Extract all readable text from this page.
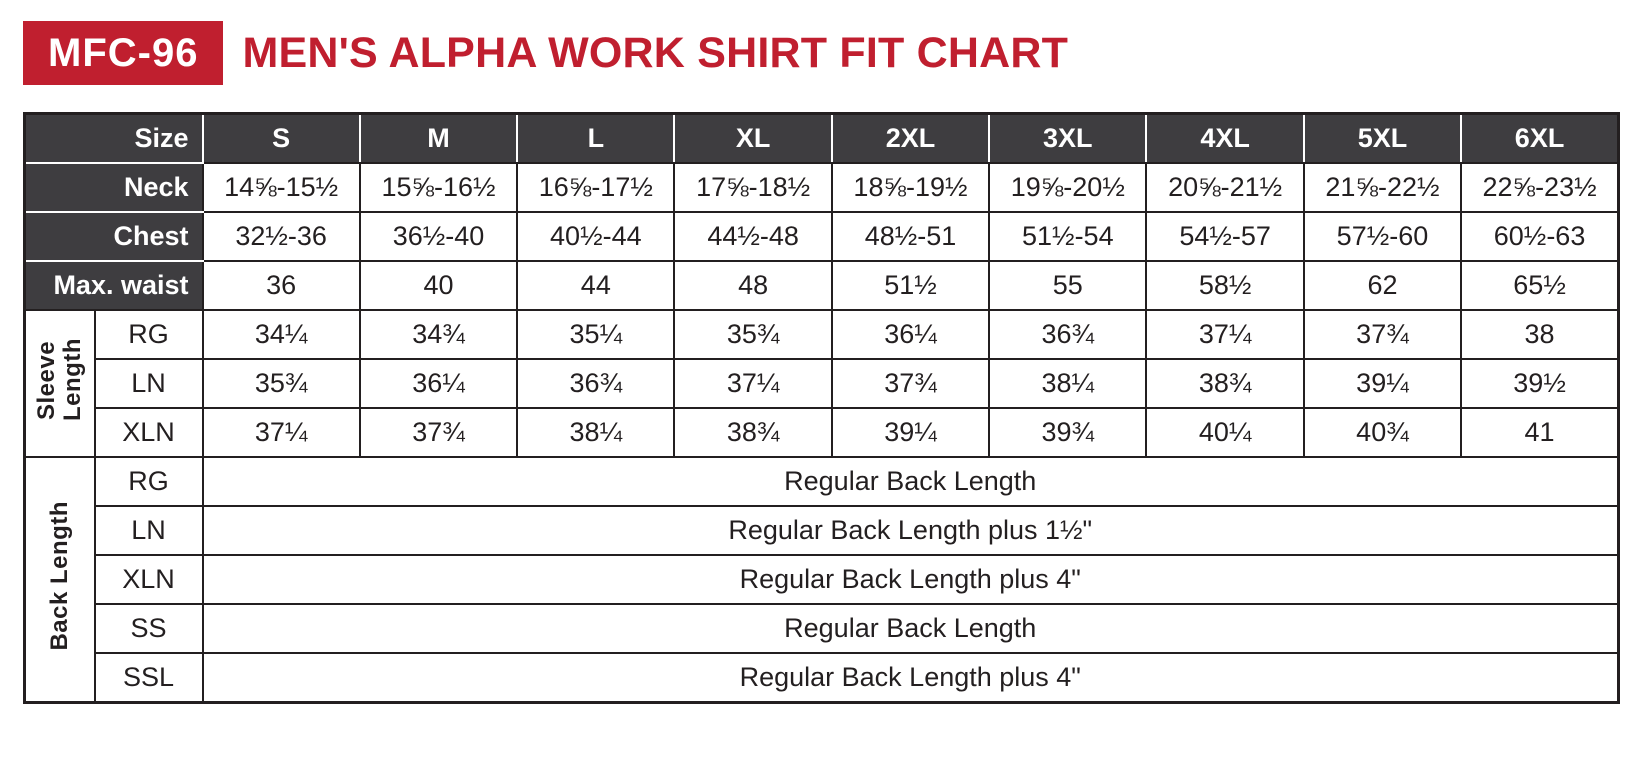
MFC-96 MEN'S ALPHA WORK SHIRT FIT CHART
Size		S	M	L	XL	2XL	3XL	4XL	5XL	6XL
Neck		14⅝-15½	15⅝-16½	16⅝-17½	17⅝-18½	18⅝-19½	19⅝-20½	20⅝-21½	21⅝-22½	22⅝-23½
Chest		32½-36	36½-40	40½-44	44½-48	48½-51	51½-54	54½-57	57½-60	60½-63
Max. waist		36	40	44	48	51½	55	58½	62	65½
Sleeve Length	RG	34¼	34¾	35¼	35¾	36¼	36¾	37¼	37¾	38
	LN	35¾	36¼	36¾	37¼	37¾	38¼	38¾	39¼	39½
	XLN	37¼	37¾	38¼	38¾	39¼	39¾	40¼	40¾	41
Back Length	RG	Regular Back Length								
	LN	Regular Back Length plus 1½"								
	XLN	Regular Back Length plus 4"								
	SS	Regular Back Length								
	SSL	Regular Back Length plus 4"								
